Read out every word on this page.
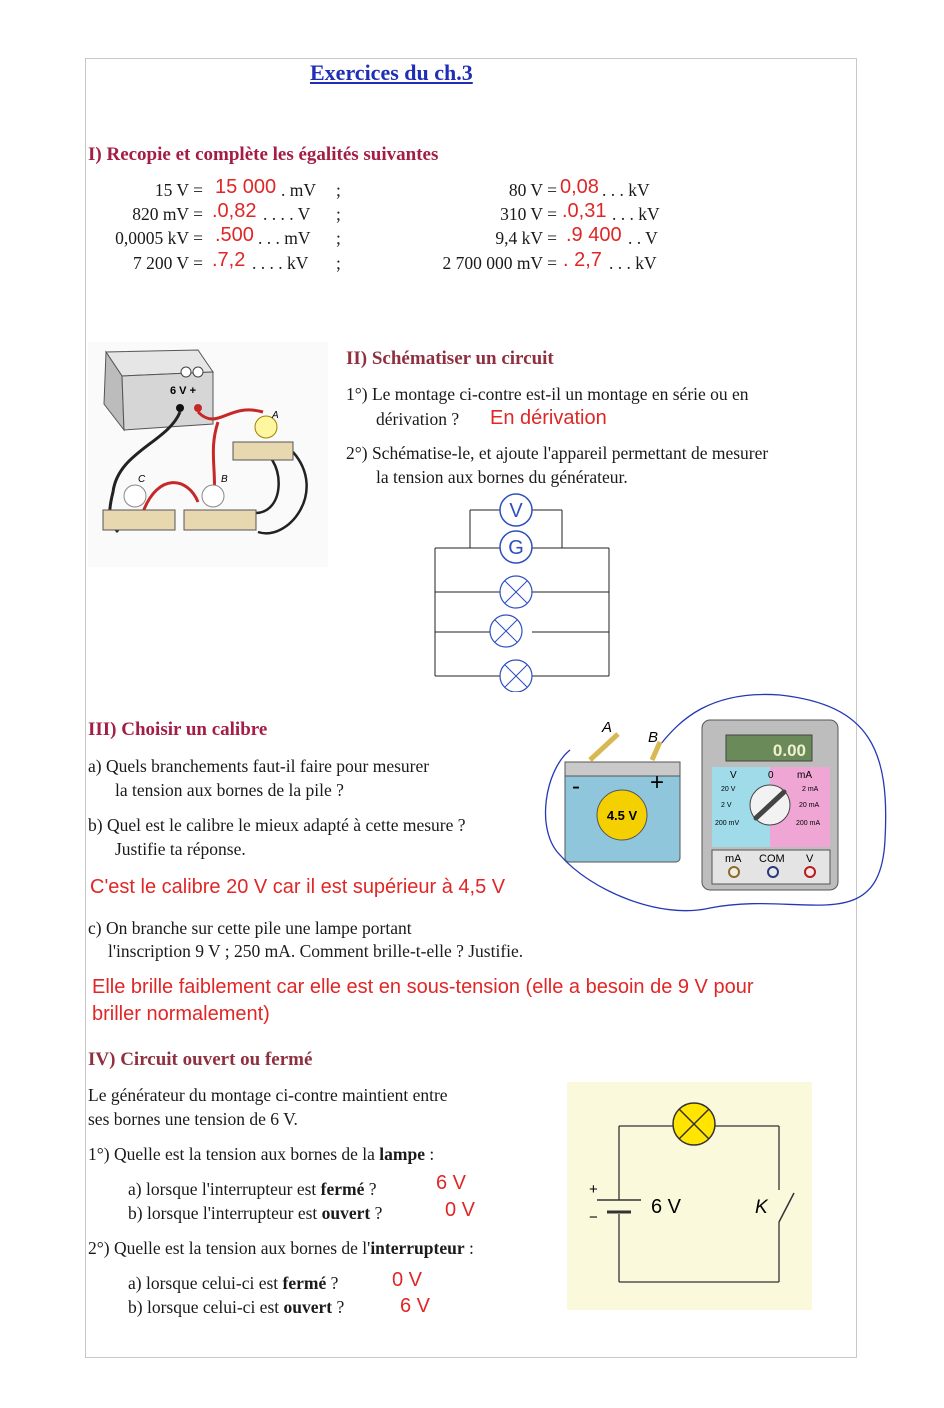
Exercices du ch.3
I) Recopie et complète les égalités suivantes
15 V = 15 000 . mV ;	80 V = 0,08 . . . kV
820 mV = .0,82 . . . . V ;	310 V = .0,31 . . . kV
0,0005 kV = .500 . . . mV ;	9,4 kV = .9 400 . . V
7 200 V = .7,2 . . . . kV ;	2 700 000 mV = . 2,7 . . . kV
6 V +
A
C	B
II) Schématiser un circuit
1°) Le montage ci-contre est-il un montage en série ou en
dérivation ? En dérivation
2°) Schématise-le, et ajoute l'appareil permettant de mesurer
la tension aux bornes du générateur.
V
G
III) Choisir un calibre
a) Quels branchements faut-il faire pour mesurer
la tension aux bornes de la pile ?
b) Quel est le calibre le mieux adapté à cette mesure ?
Justifie ta réponse.
C'est le calibre 20 V car il est supérieur à 4,5 V
c) On branche sur cette pile une lampe portant
l'inscription 9 V ; 250 mA. Comment brille-t-elle ? Justifie.
Elle brille faiblement car elle est en sous-tension (elle a besoin de 9 V pour
briller normalement)
A
B
-	+
4.5 V
0.00
V	0 mA
20 V
2 V
200 mV
2 mA
20 mA
200 mA
mA COM V
IV) Circuit ouvert ou fermé
Le générateur du montage ci-contre maintient entre
ses bornes une tension de 6 V.
1°) Quelle est la tension aux bornes de la lampe :
a) lorsque l'interrupteur est fermé ?	6 V
b) lorsque l'interrupteur est ouvert ?	0 V
2°) Quelle est la tension aux bornes de l'interrupteur :
a) lorsque celui-ci est fermé ?	0 V
b) lorsque celui-ci est ouvert ?	6 V
+
−	6 V	K
